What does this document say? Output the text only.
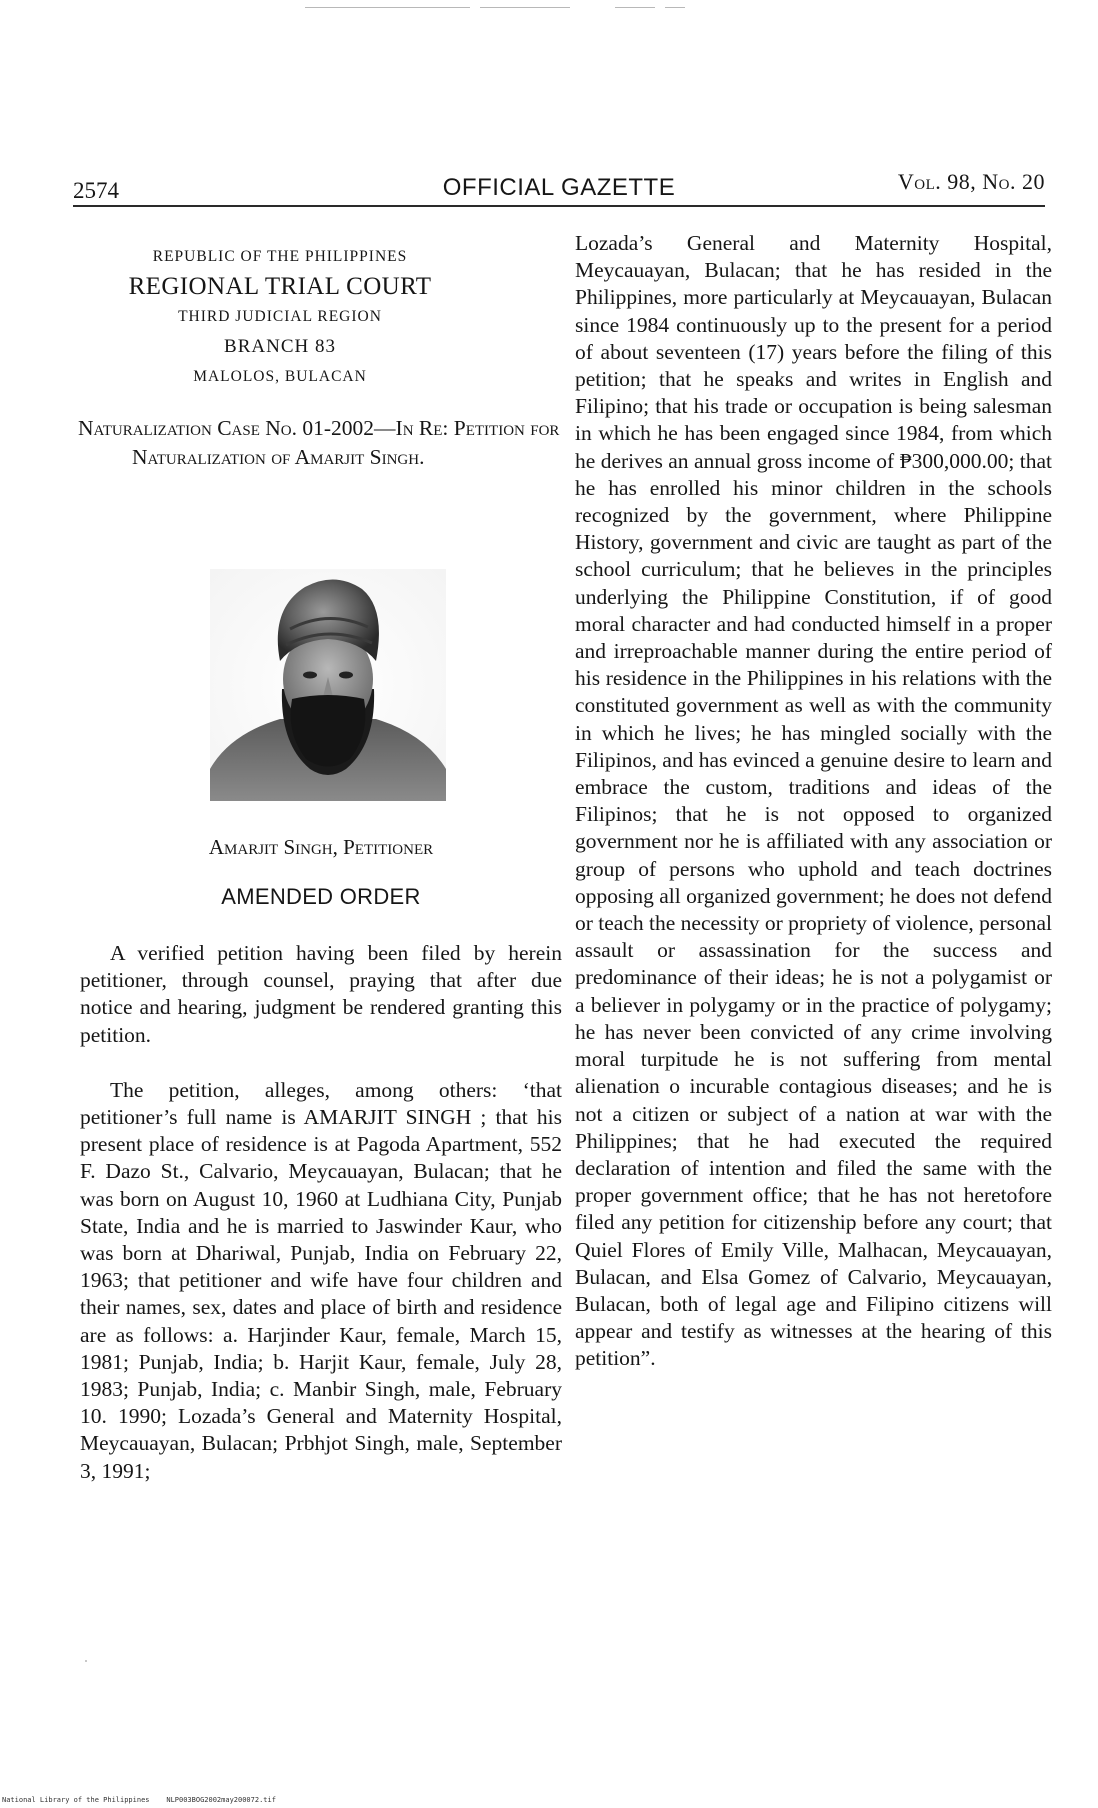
2574	OFFICIAL GAZETTE	Vol. 98, No. 20
REPUBLIC OF THE PHILIPPINES
REGIONAL TRIAL COURT
THIRD JUDICIAL REGION
BRANCH 83
MALOLOS, BULACAN
Naturalization Case No. 01-2002—In Re: Petition for Naturalization of Amarjit Singh.
Amarjit Singh, Petitioner
AMENDED ORDER

A verified petition having been filed by herein petitioner, through counsel, praying that after due notice and hearing, judgment be rendered granting this petition.

The petition, alleges, among others: ‘that petitioner’s full name is AMARJIT SINGH ; that his present place of residence is at Pagoda Apartment, 552 F. Dazo St., Calvario, Meycauayan, Bulacan; that he was born on August 10, 1960 at Ludhiana City, Punjab State, India and he is married to Jaswinder Kaur, who was born at Dhariwal, Punjab, India on February 22, 1963; that petitioner and wife have four children and their names, sex, dates and place of birth and residence are as follows: a. Harjinder Kaur, female, March 15, 1981; Punjab, India; b. Harjit Kaur, female, July 28, 1983; Punjab, India; c. Manbir Singh, male, February 10. 1990; Lozada’s General and Maternity Hospital, Meycauayan, Bulacan; Prbhjot Singh, male, September 3, 1991;

Lozada’s General and Maternity Hospital, Meycauayan, Bulacan; that he has resided in the Philippines, more particularly at Meycauayan, Bulacan since 1984 continuously up to the present for a period of about seventeen (17) years before the filing of this petition; that he speaks and writes in English and Filipino; that his trade or occupation is being salesman in which he has been engaged since 1984, from which he derives an annual gross income of ₱300,000.00; that he has enrolled his minor children in the schools recognized by the government, where Philippine History, government and civic are taught as part of the school curriculum; that he believes in the principles underlying the Philippine Constitution, if of good moral character and had conducted himself in a proper and irreproachable manner during the entire period of his residence in the Philippines in his relations with the constituted government as well as with the community in which he lives; he has mingled socially with the Filipinos, and has evinced a genuine desire to learn and embrace the custom, traditions and ideas of the Filipinos; that he is not opposed to organized government nor he is affiliated with any association or group of persons who uphold and teach doctrines opposing all organized government; he does not defend or teach the necessity or propriety of violence, personal assault or assassination for the success and predominance of their ideas; he is not a polygamist or a believer in polygamy or in the practice of polygamy; he has never been convicted of any crime involving moral turpitude he is not suffering from mental alienation o incurable contagious diseases; and he is not a citizen or subject of a nation at war with the Philippines; that he had executed the required declaration of intention and filed the same with the proper government office; that he has not heretofore filed any petition for citizenship before any court; that Quiel Flores of Emily Ville, Malhacan, Meycauayan, Bulacan, and Elsa Gomez of Calvario, Meycauayan, Bulacan, both of legal age and Filipino citizens will appear and testify as witnesses at the hearing of this petition”.

National Library of the Philippines    NLP003BOG2002may200072.tif
